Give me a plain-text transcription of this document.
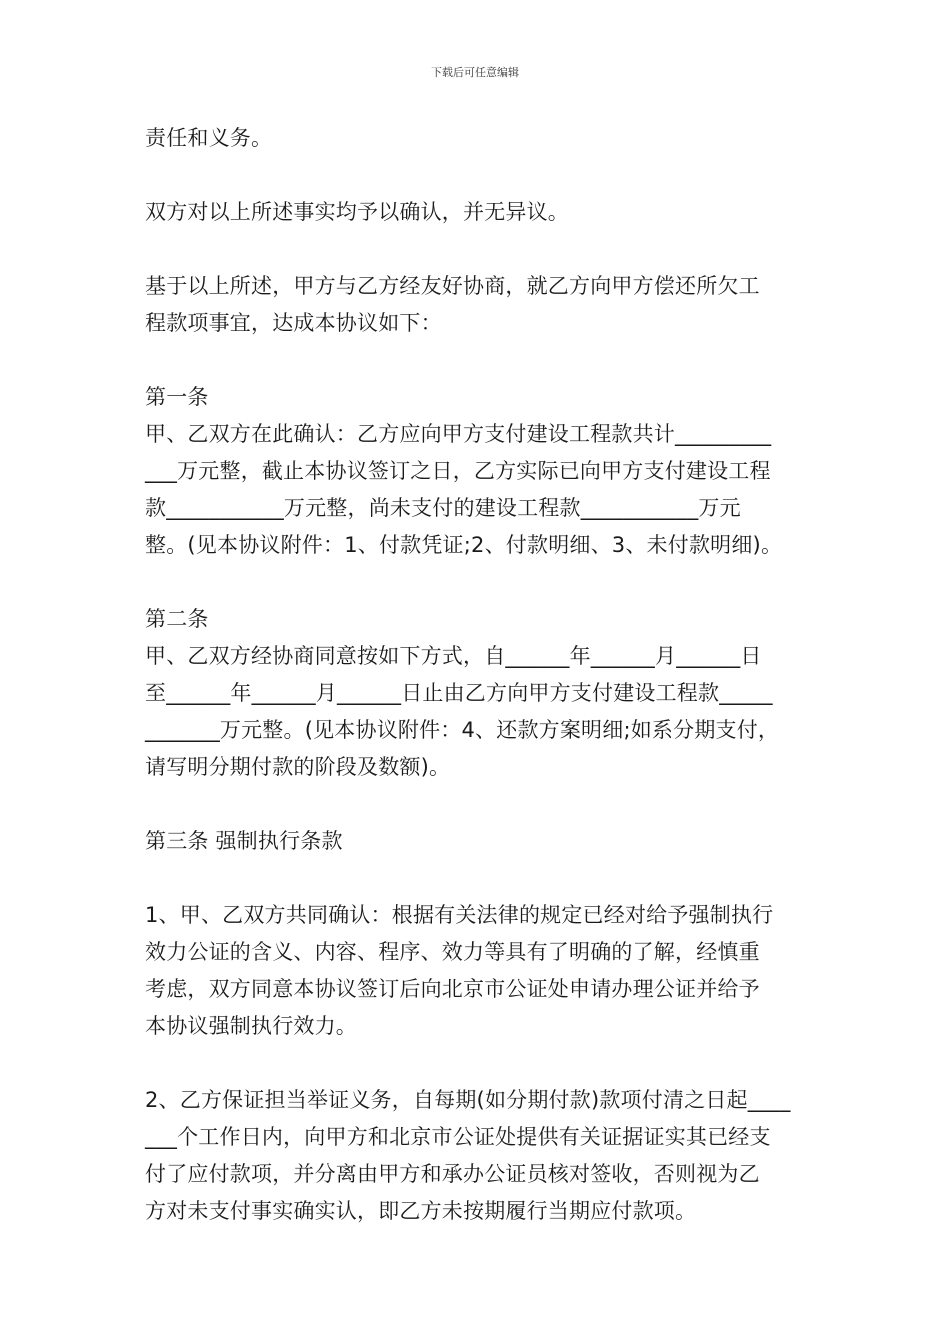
下载后可任意编辑

责任和义务。

双方对以上所述事实均予以确认，并无异议。

基于以上所述，甲方与乙方经友好协商，就乙方向甲方偿还所欠工
程款项事宜，达成本协议如下：

第一条

甲、乙双方在此确认：乙方应向甲方支付建设工程款共计_________
___万元整，截止本协议签订之日，乙方实际已向甲方支付建设工程
款___________万元整，尚未支付的建设工程款___________万元
整。(见本协议附件：1、付款凭证;2、付款明细、3、未付款明细)。

第二条

甲、乙双方经协商同意按如下方式，自______年______月______日
至______年______月______日止由乙方向甲方支付建设工程款_____
_______万元整。(见本协议附件：4、还款方案明细;如系分期支付，
请写明分期付款的阶段及数额)。

第三条 强制执行条款

1、甲、乙双方共同确认：根据有关法律的规定已经对给予强制执行
效力公证的含义、内容、程序、效力等具有了明确的了解，经慎重
考虑，双方同意本协议签订后向北京市公证处申请办理公证并给予
本协议强制执行效力。

2、乙方保证担当举证义务，自每期(如分期付款)款项付清之日起____
___个工作日内，向甲方和北京市公证处提供有关证据证实其已经支
付了应付款项，并分离由甲方和承办公证员核对签收，否则视为乙
方对未支付事实确实认，即乙方未按期履行当期应付款项。
